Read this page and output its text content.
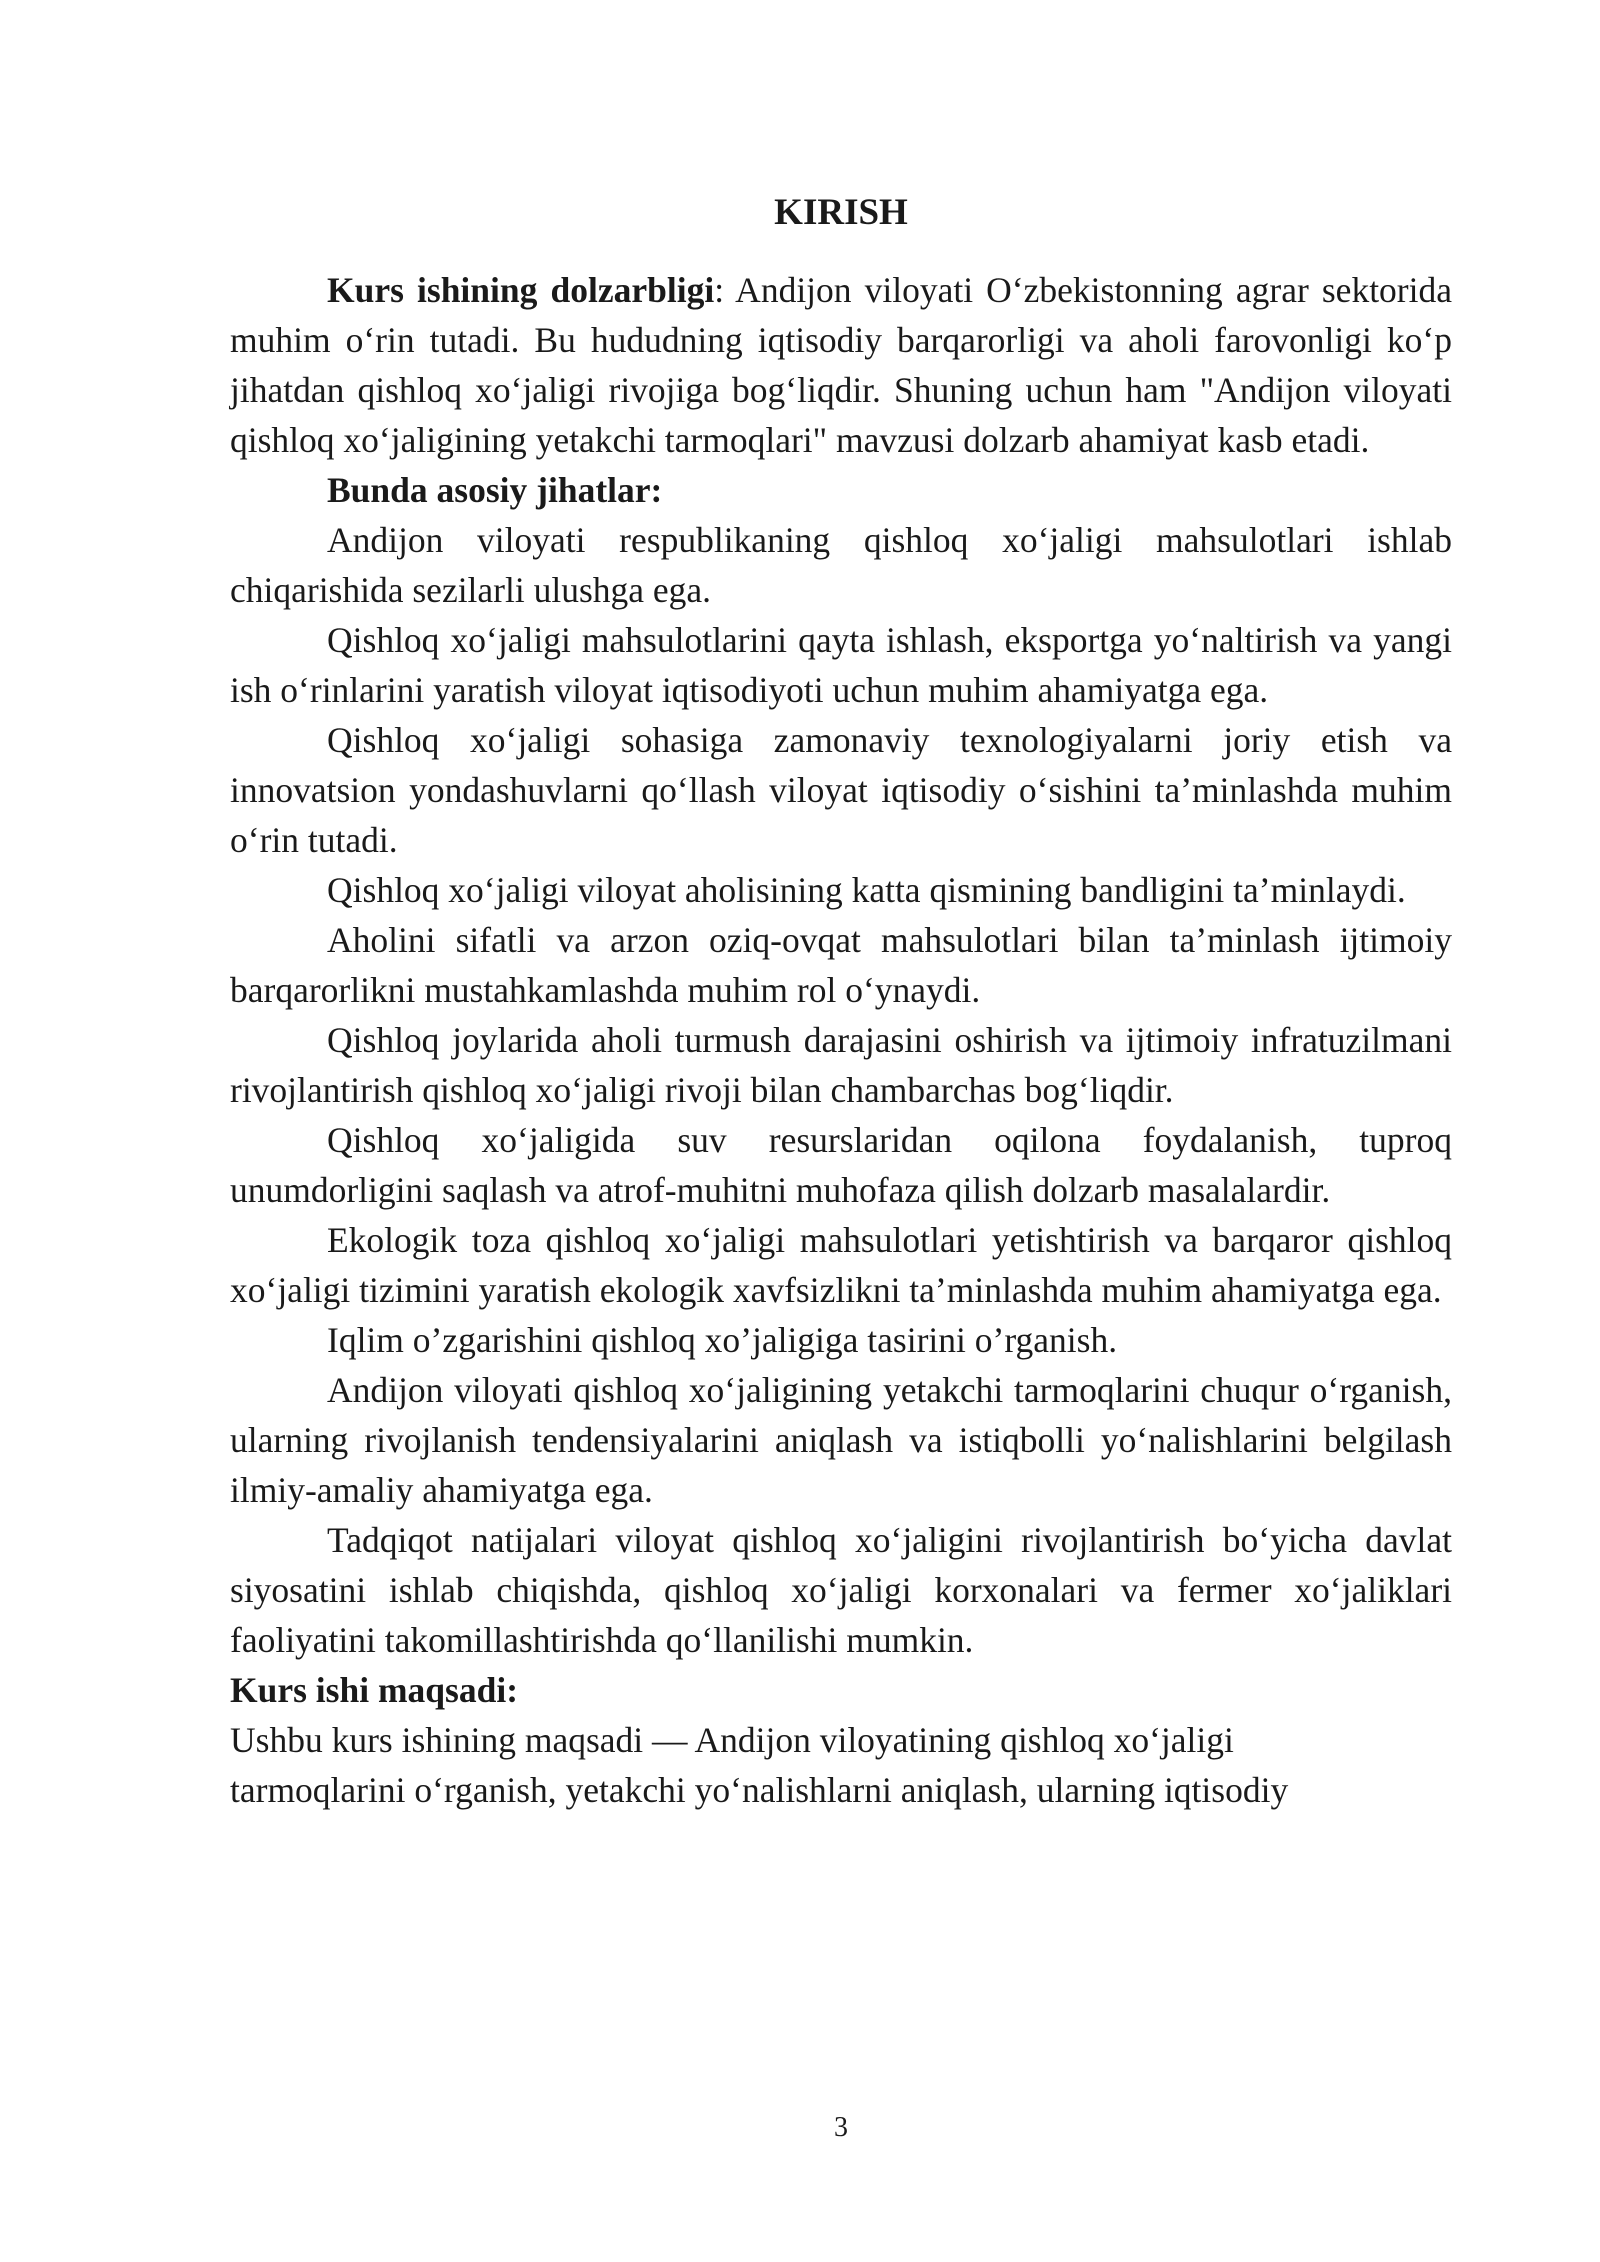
KIRISH

Kurs ishining dolzarbligi: Andijon viloyati O‘zbekistonning agrar sektorida muhim o‘rin tutadi. Bu hududning iqtisodiy barqarorligi va aholi farovonligi ko‘p jihatdan qishloq xo‘jaligi rivojiga bog‘liqdir. Shuning uchun ham "Andijon viloyati qishloq xo‘jaligining yetakchi tarmoqlari" mavzusi dolzarb ahamiyat kasb etadi.

Bunda asosiy jihatlar:

Andijon viloyati respublikaning qishloq xo‘jaligi mahsulotlari ishlab chiqarishida sezilarli ulushga ega.

Qishloq xo‘jaligi mahsulotlarini qayta ishlash, eksportga yo‘naltirish va yangi ish o‘rinlarini yaratish viloyat iqtisodiyoti uchun muhim ahamiyatga ega.

Qishloq xo‘jaligi sohasiga zamonaviy texnologiyalarni joriy etish va innovatsion yondashuvlarni qo‘llash viloyat iqtisodiy o‘sishini ta’minlashda muhim o‘rin tutadi.

Qishloq xo‘jaligi viloyat aholisining katta qismining bandligini ta’minlaydi.

Aholini sifatli va arzon oziq-ovqat mahsulotlari bilan ta’minlash ijtimoiy barqarorlikni mustahkamlashda muhim rol o‘ynaydi.

Qishloq joylarida aholi turmush darajasini oshirish va ijtimoiy infratuzilmani rivojlantirish qishloq xo‘jaligi rivoji bilan chambarchas bog‘liqdir.

Qishloq xo‘jaligida suv resurslaridan oqilona foydalanish, tuproq unumdorligini saqlash va atrof-muhitni muhofaza qilish dolzarb masalalardir.

Ekologik toza qishloq xo‘jaligi mahsulotlari yetishtirish va barqaror qishloq xo‘jaligi tizimini yaratish ekologik xavfsizlikni ta’minlashda muhim ahamiyatga ega.

Iqlim o’zgarishini qishloq xo’jaligiga tasirini o’rganish.

Andijon viloyati qishloq xo‘jaligining yetakchi tarmoqlarini chuqur o‘rganish, ularning rivojlanish tendensiyalarini aniqlash va istiqbolli yo‘nalishlarini belgilash ilmiy-amaliy ahamiyatga ega.

Tadqiqot natijalari viloyat qishloq xo‘jaligini rivojlantirish bo‘yicha davlat siyosatini ishlab chiqishda, qishloq xo‘jaligi korxonalari va fermer xo‘jaliklari faoliyatini takomillashtirishda qo‘llanilishi mumkin.

Kurs ishi maqsadi:

Ushbu kurs ishining maqsadi — Andijon viloyatining qishloq xo‘jaligi

tarmoqlarini o‘rganish, yetakchi yo‘nalishlarni aniqlash, ularning iqtisodiy

3
